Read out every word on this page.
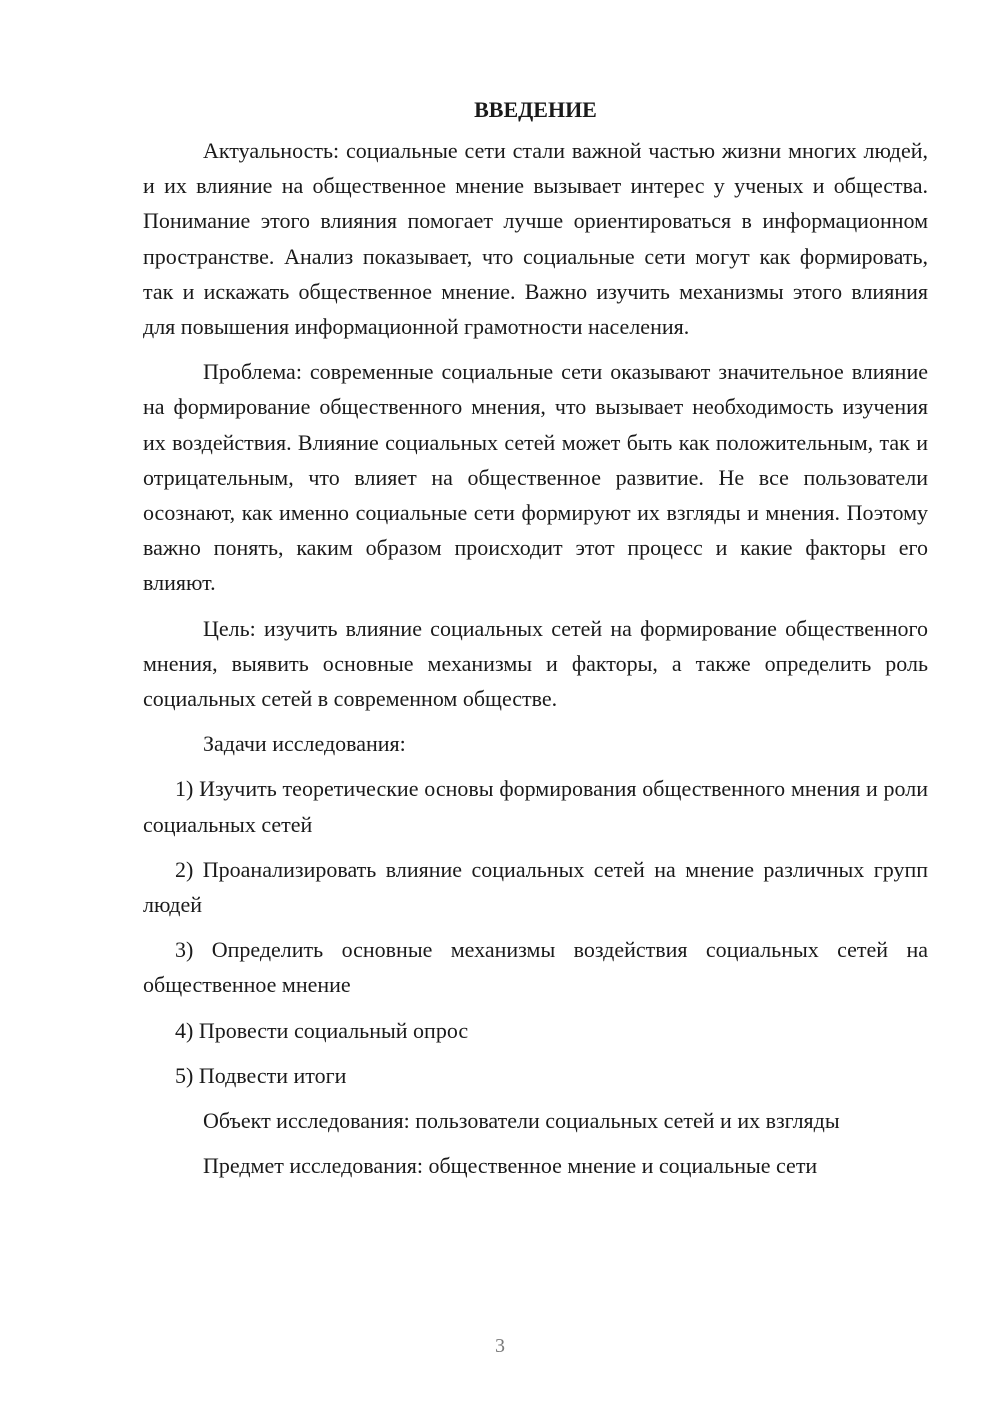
ВВЕДЕНИЕ

Актуальность: социальные сети стали важной частью жизни многих людей, и их влияние на общественное мнение вызывает интерес у ученых и общества. Понимание этого влияния помогает лучше ориентироваться в информационном пространстве. Анализ показывает, что социальные сети могут как формировать, так и искажать общественное мнение. Важно изучить механизмы этого влияния для повышения информационной грамотности населения.

Проблема: современные социальные сети оказывают значительное влияние на формирование общественного мнения, что вызывает необходимость изучения их воздействия. Влияние социальных сетей может быть как положительным, так и отрицательным, что влияет на общественное развитие. Не все пользователи осознают, как именно социальные сети формируют их взгляды и мнения. Поэтому важно понять, каким образом происходит этот процесс и какие факторы его влияют.

Цель: изучить влияние социальных сетей на формирование общественного мнения, выявить основные механизмы и факторы, а также определить роль социальных сетей в современном обществе.

Задачи исследования:

1) Изучить теоретические основы формирования общественного мнения и роли социальных сетей

2) Проанализировать влияние социальных сетей на мнение различных групп людей

3) Определить основные механизмы воздействия социальных сетей на общественное мнение

4) Провести социальный опрос

5) Подвести итоги

Объект исследования: пользователи социальных сетей и их взгляды

Предмет исследования: общественное мнение и социальные сети

3
